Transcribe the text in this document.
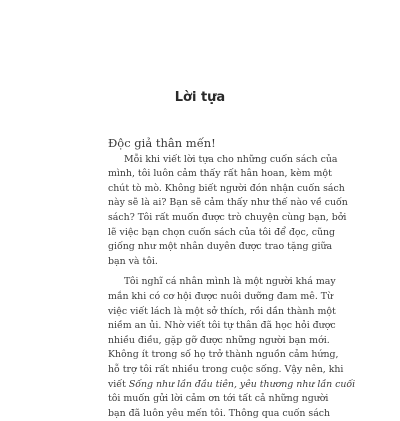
Lời tựa

Độc giả thân mến!

Mỗi khi viết lời tựa cho những cuốn sách của
mình, tôi luôn cảm thấy rất hân hoan, kèm một
chút tò mò. Không biết người đón nhận cuốn sách
này sẽ là ai? Bạn sẽ cảm thấy như thế nào về cuốn
sách? Tôi rất muốn được trò chuyện cùng bạn, bởi
lẽ việc bạn chọn cuốn sách của tôi để đọc, cũng
giống như một nhân duyên được trao tặng giữa
bạn và tôi.

Tôi nghĩ cá nhân mình là một người khá may
mắn khi có cơ hội được nuôi dưỡng đam mê. Từ
việc viết lách là một sở thích, rồi dần thành một
niềm an ủi. Nhờ viết tôi tự thân đã học hỏi được
nhiều điều, gặp gỡ được những người bạn mới.
Không ít trong số họ trở thành nguồn cảm hứng,
hỗ trợ tôi rất nhiều trong cuộc sống. Vậy nên, khi
viết Sống như lần đầu tiên, yêu thương như lần cuối
tôi muốn gửi lời cảm ơn tới tất cả những người
bạn đã luôn yêu mến tôi. Thông qua cuốn sách
